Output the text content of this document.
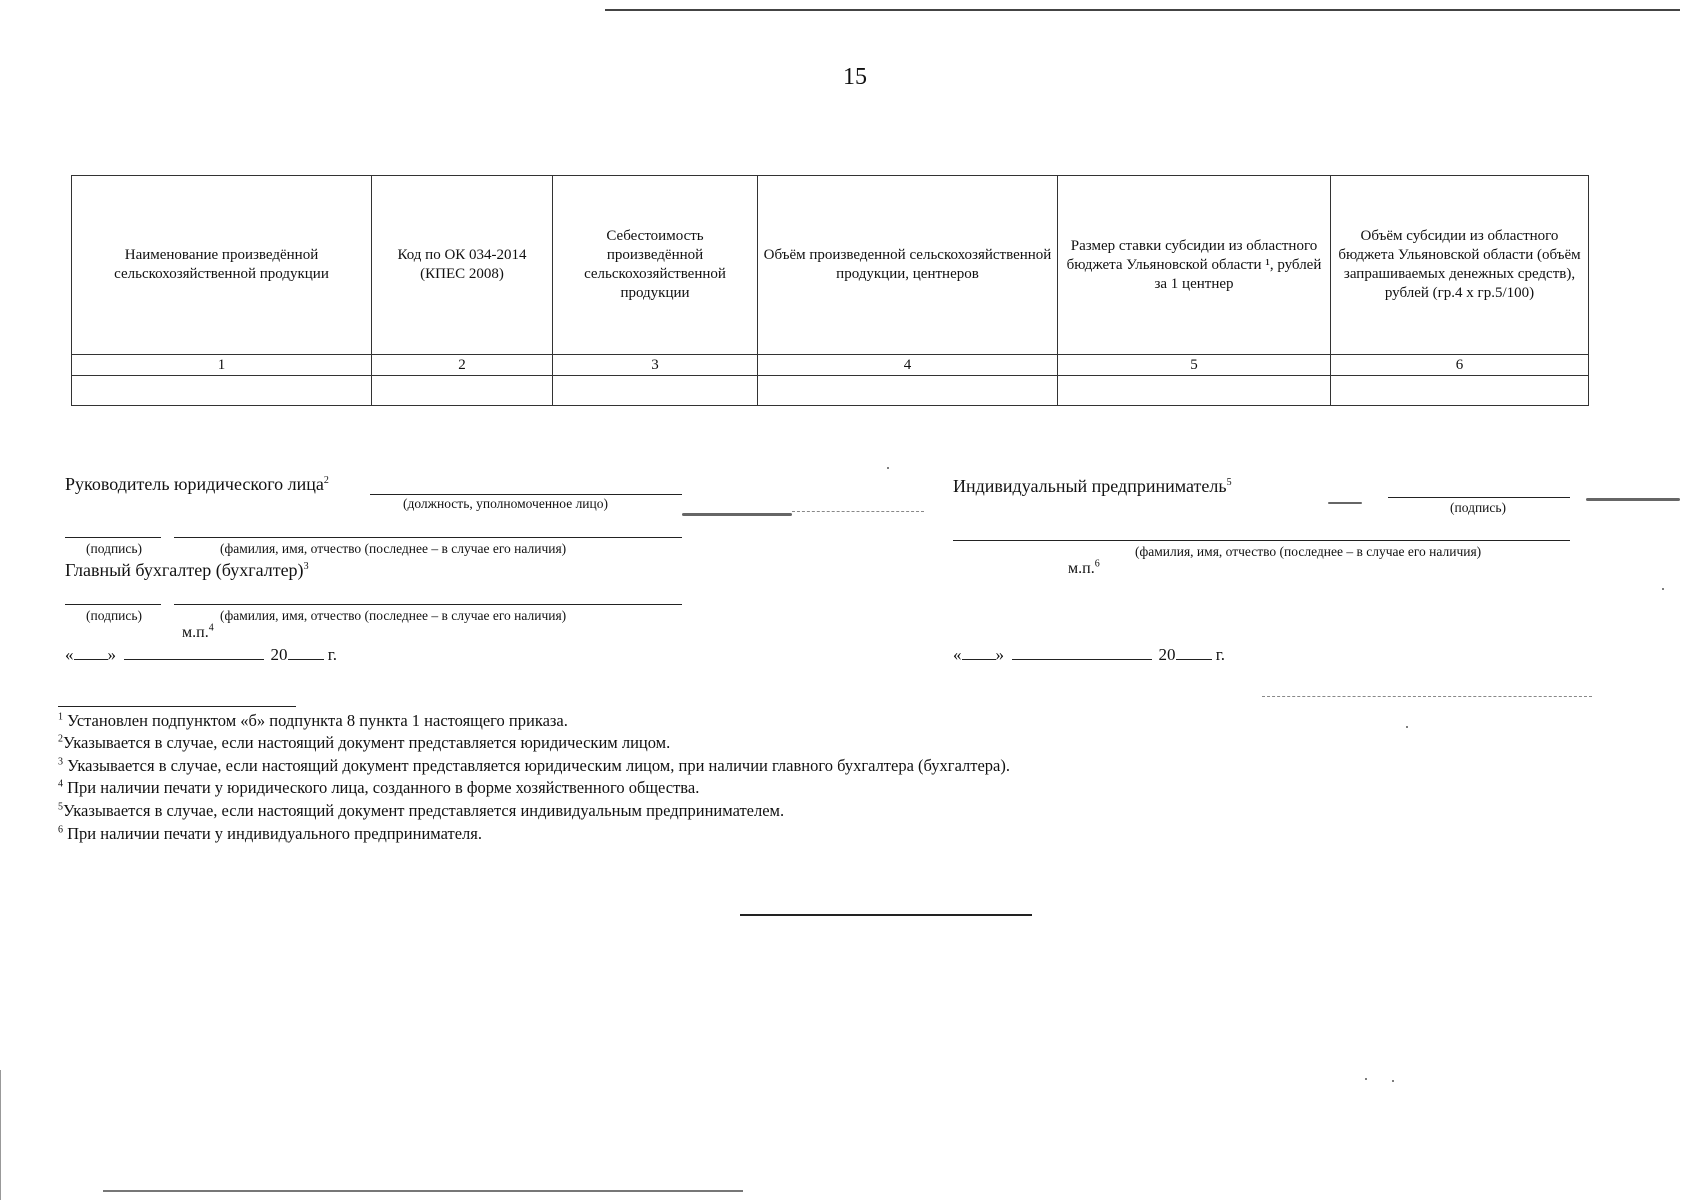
15
Наименование произведённой сельскохозяйственной продукции	Код по ОК 034-2014 (КПЕС 2008)	Себестоимость произведённой сельскохозяйственной продукции	Объём произведенной сельскохозяйственной продукции, центнеров	Размер ставки субсидии из областного бюджета Ульяновской области ¹, рублей за 1 центнер	Объём субсидии из областного бюджета Ульяновской области (объём запрашиваемых денежных средств), рублей (гр.4 х гр.5/100)
1	2	3	4	5	6

Руководитель юридического лица$^2$
(должность, уполномоченное лицо)
(подпись)	(фамилия, имя, отчество (последнее – в случае его наличия)
Главный бухгалтер (бухгалтер)$^3$
(подпись)	(фамилия, имя, отчество (последнее – в случае его наличия)
м.п.$^4$
« »	20 г.
Индивидуальный предприниматель$^5$
(подпись)
(фамилия, имя, отчество (последнее – в случае его наличия)
м.п.$^6$
« »	20 г.
$^1$ Установлен подпунктом «б» подпункта 8 пункта 1 настоящего приказа.
$^2$Указывается в случае, если настоящий документ представляется юридическим лицом.
$^3$ Указывается в случае, если настоящий документ представляется юридическим лицом, при наличии главного бухгалтера (бухгалтера).
$^4$ При наличии печати у юридического лица, созданного в форме хозяйственного общества.
$^5$Указывается в случае, если настоящий документ представляется индивидуальным предпринимателем.
$^6$ При наличии печати у индивидуального предпринимателя.
